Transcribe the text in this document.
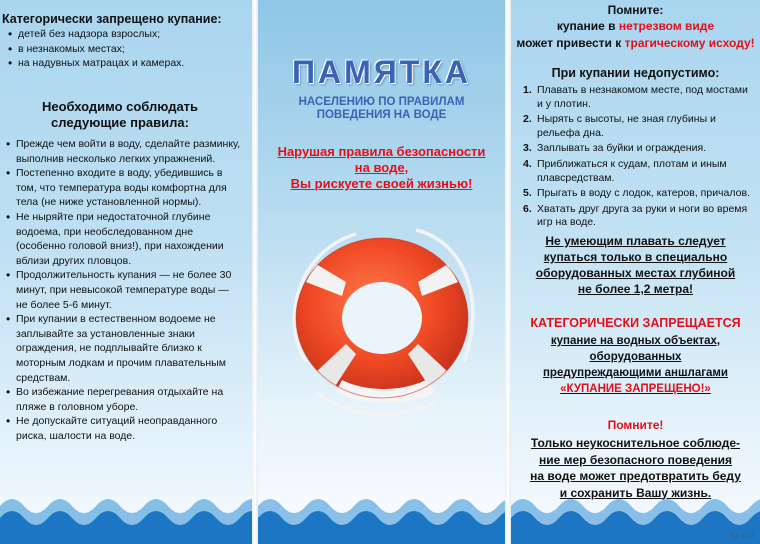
Категорически запрещено купание:
• детей без надзора взрослых;
• в незнакомых местах;
• на надувных матрацах и камерах.
Необходимо соблюдать следующие правила:
• Прежде чем войти в воду, сделайте разминку, выполнив несколько легких упражнений.
• Постепенно входите в воду, убедившись в том, что температура воды комфортна для тела (не ниже установленной нормы).
• Не ныряйте при недостаточной глубине водоема, при необследованном дне (особенно головой вниз!), при нахождении вблизи других пловцов.
• Продолжительность купания — не более 30 минут, при невысокой температуре воды — не более 5-6 минут.
• При купании в естественном водоеме не заплывайте за установленные знаки ограждения, не подплывайте близко к моторным лодкам и прочим плавательным средствам.
• Во избежание перегревания отдыхайте на пляже в головном уборе.
• Не допускайте ситуаций неоправданного риска, шалости на воде.
ПАМЯТКА
НАСЕЛЕНИЮ ПО ПРАВИЛАМ ПОВЕДЕНИЯ НА ВОДЕ
Нарушая правила безопасности
на воде,
Вы рискуете своей жизнью!
Помните:
купание в нетрезвом виде
может привести к трагическому исходу!
При купании недопустимо:
1. Плавать в незнакомом месте, под мостами и у плотин.
2. Нырять с высоты, не зная глубины и рельефа дна.
3. Заплывать за буйки и ограждения.
4. Приближаться к судам, плотам и иным плавсредствам.
5. Прыгать в воду с лодок, катеров, причалов.
6. Хватать друг друга за руки и ноги во время игр на воде.
Не умеющим плавать следует
купаться только в специально
оборудованных местах глубиной
не более 1,2 метра!
КАТЕГОРИЧЕСКИ ЗАПРЕЩАЕТСЯ
купание на водных объектах,
оборудованных
предупреждающими аншлагами
«КУПАНИЕ ЗАПРЕЩЕНО!»
Помните!
Только неукоснительное соблюде-
ние мер безопасного поведения
на воде может предотвратить беду
и сохранить Вашу жизнь.
БК 3273
